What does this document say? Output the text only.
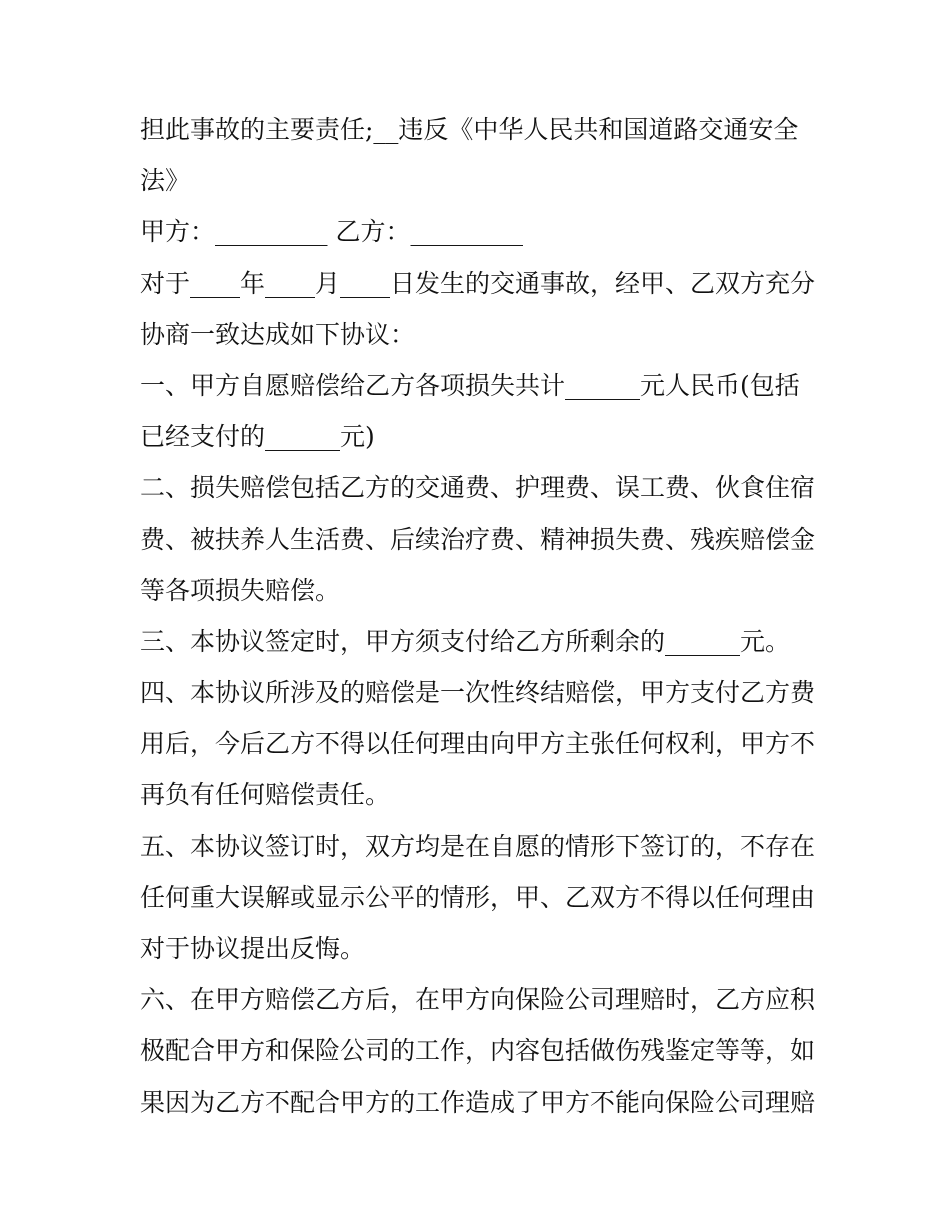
担此事故的主要责任;__违反《中华人民共和国道路交通安全
法》
甲方：_________ 乙方：_________
对于____年____月____日发生的交通事故，经甲、乙双方充分
协商一致达成如下协议：
一、甲方自愿赔偿给乙方各项损失共计______元人民币(包括
已经支付的______元)
二、损失赔偿包括乙方的交通费、护理费、误工费、伙食住宿
费、被扶养人生活费、后续治疗费、精神损失费、残疾赔偿金
等各项损失赔偿。
三、本协议签定时，甲方须支付给乙方所剩余的______元。
四、本协议所涉及的赔偿是一次性终结赔偿，甲方支付乙方费
用后，今后乙方不得以任何理由向甲方主张任何权利，甲方不
再负有任何赔偿责任。
五、本协议签订时，双方均是在自愿的情形下签订的，不存在
任何重大误解或显示公平的情形，甲、乙双方不得以任何理由
对于协议提出反悔。
六、在甲方赔偿乙方后，在甲方向保险公司理赔时，乙方应积
极配合甲方和保险公司的工作，内容包括做伤残鉴定等等，如
果因为乙方不配合甲方的工作造成了甲方不能向保险公司理赔
